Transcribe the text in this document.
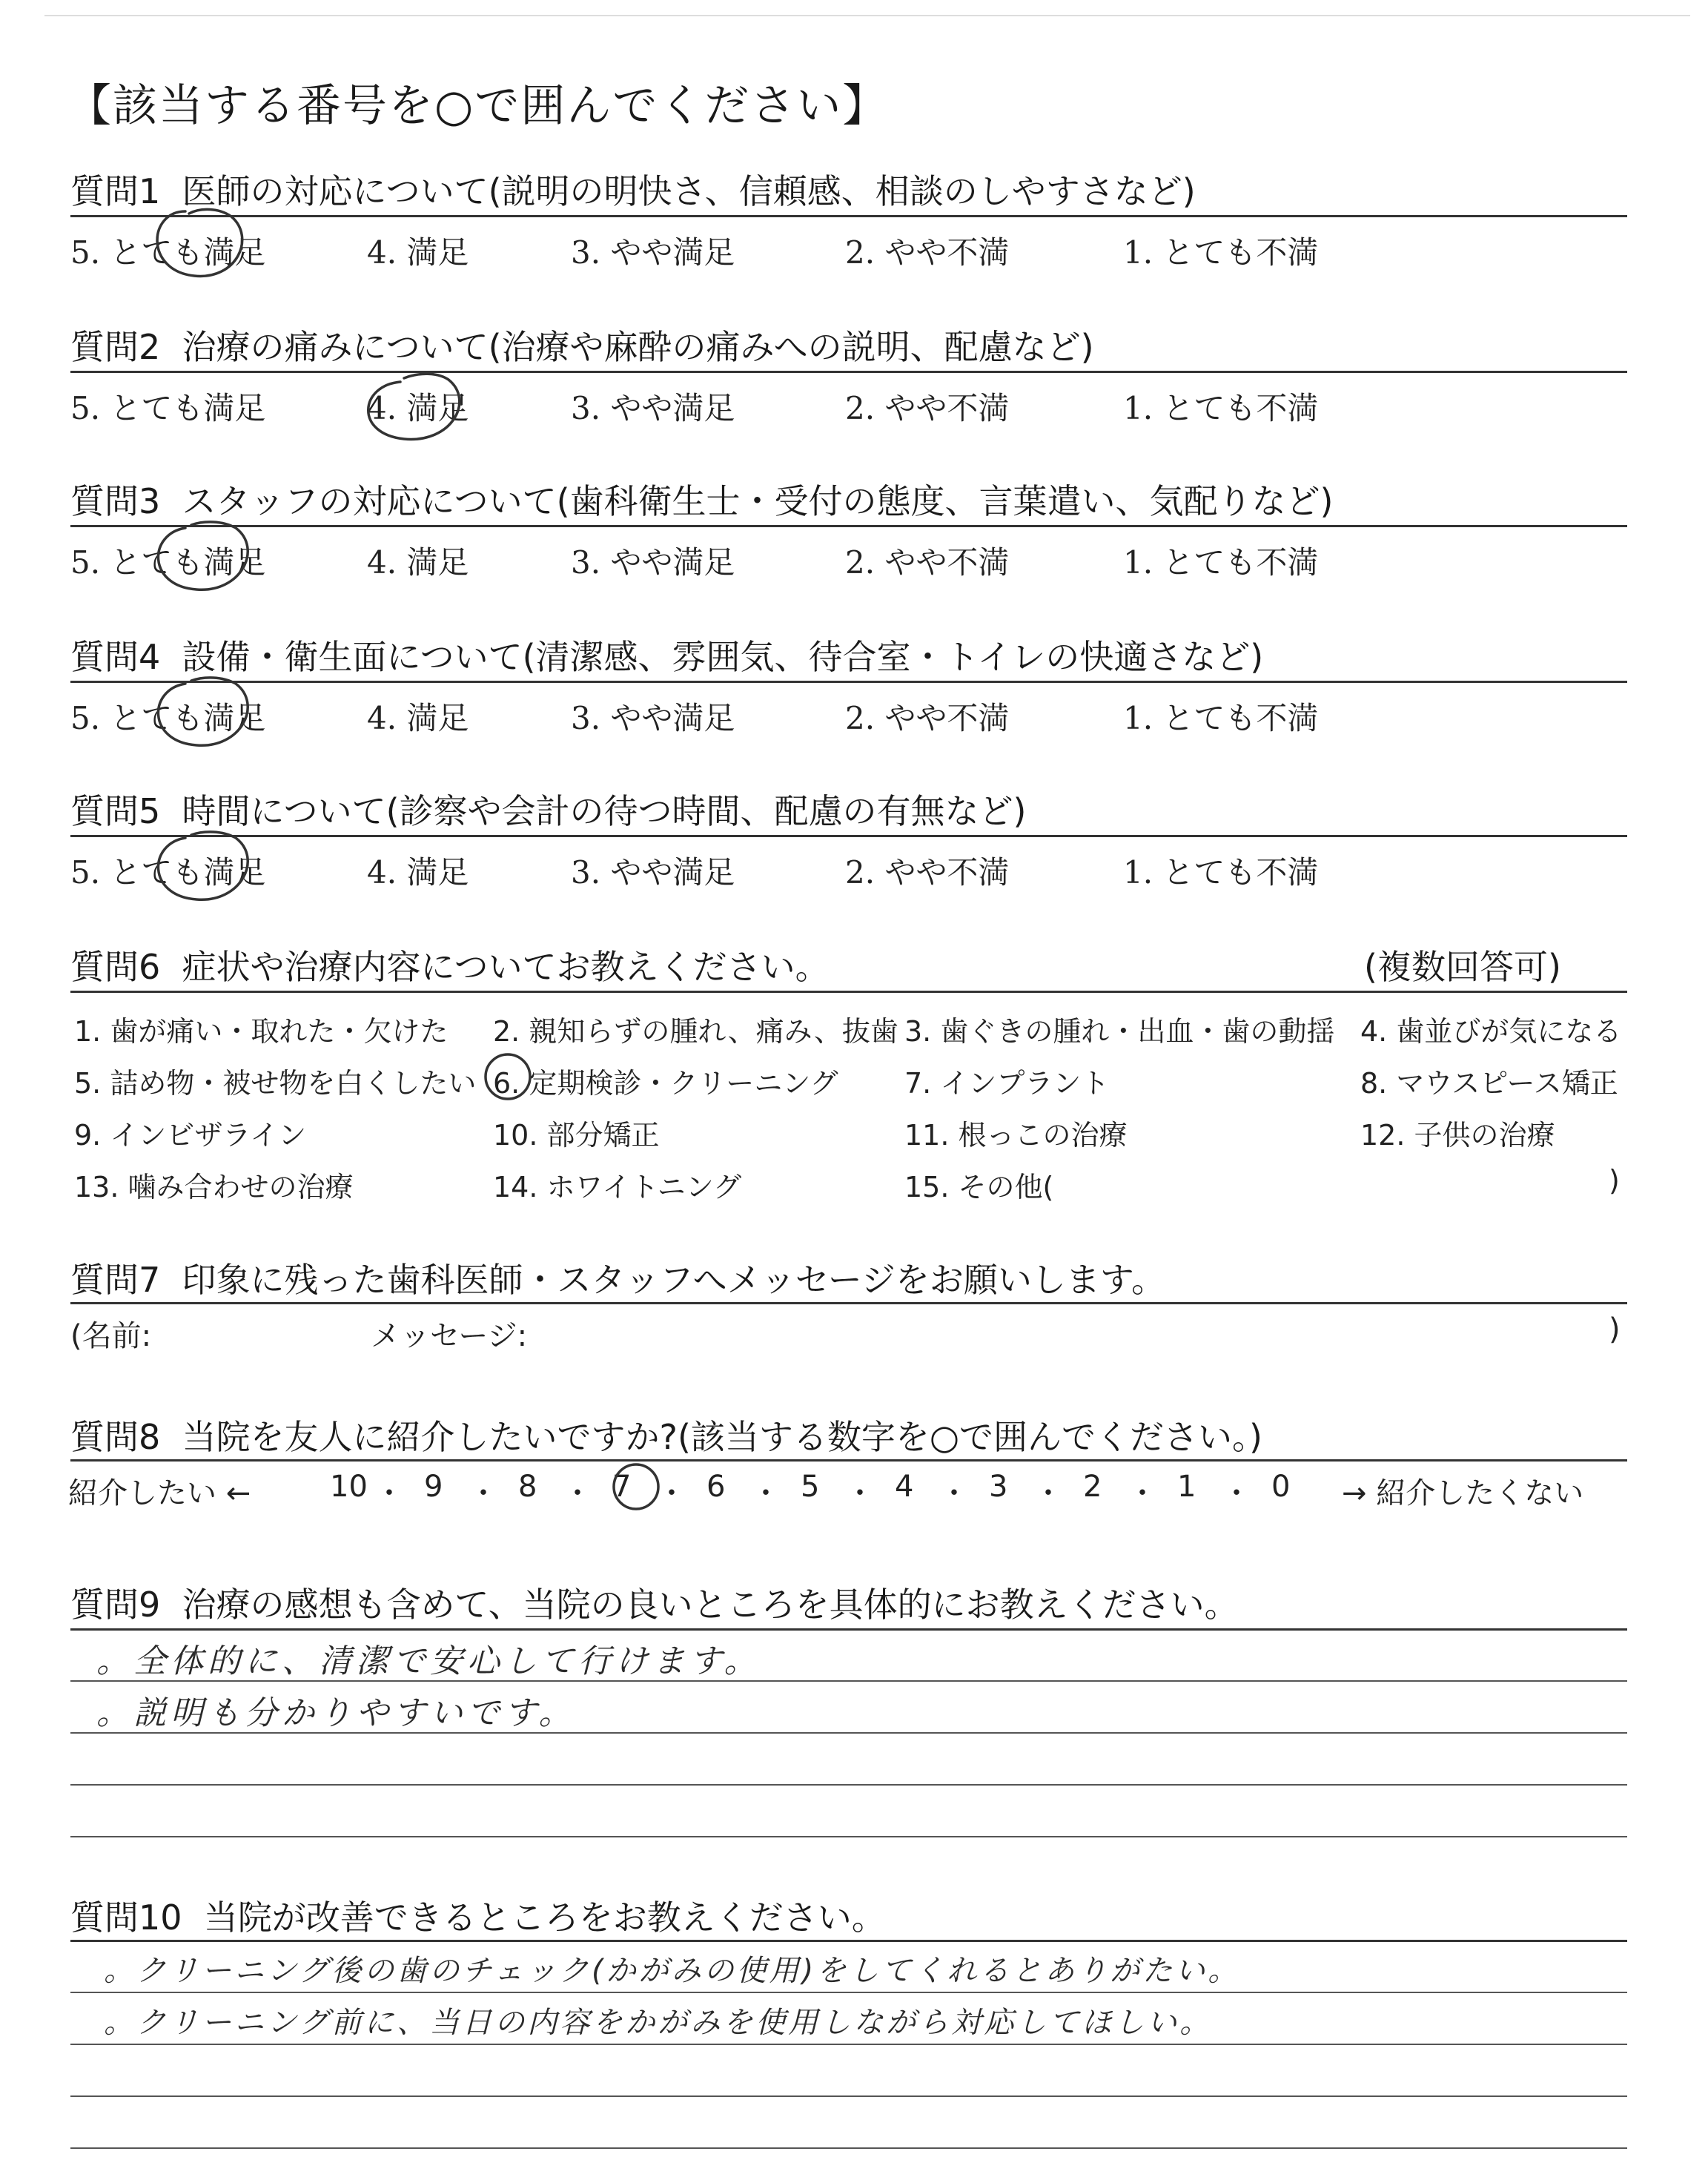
【該当する番号を○で囲んでください】
質問1 医師の対応について(説明の明快さ、信頼感、相談のしやすさなど)
5. とても満足	4. 満足	3. やや満足	2. やや不満	1. とても不満
質問2 治療の痛みについて(治療や麻酔の痛みへの説明、配慮など)
5. とても満足	4. 満足	3. やや満足	2. やや不満	1. とても不満
質問3 スタッフの対応について(歯科衛生士・受付の態度、言葉遣い、気配りなど)
5. とても満足	4. 満足	3. やや満足	2. やや不満	1. とても不満
質問4 設備・衛生面について(清潔感、雰囲気、待合室・トイレの快適さなど)
5. とても満足	4. 満足	3. やや満足	2. やや不満	1. とても不満
質問5 時間について(診察や会計の待つ時間、配慮の有無など)
5. とても満足	4. 満足	3. やや満足	2. やや不満	1. とても不満
質問6 症状や治療内容についてお教えください。	(複数回答可)
1. 歯が痛い・取れた・欠けた 2. 親知らずの腫れ、痛み、抜歯 3. 歯ぐきの腫れ・出血・歯の動揺 4. 歯並びが気になる
5. 詰め物・被せ物を白くしたい 6. 定期検診・クリーニング 7. インプラント	8. マウスピース矯正
9. インビザライン	10. 部分矯正	11. 根っこの治療	12. 子供の治療
13. 噛み合わせの治療	14. ホワイトニング	15. その他(	)
質問7 印象に残った歯科医師・スタッフへメッセージをお願いします。
(名前:	メッセージ:	)
質問8 当院を友人に紹介したいですか?(該当する数字を○で囲んでください。)
紹介したい ←	→ 紹介したくない
10 ・ 9 ・ 8 ・ 7 ・ 6 ・ 5 ・ 4 ・ 3 ・ 2 ・ 1 ・ 0
質問9 治療の感想も含めて、当院の良いところを具体的にお教えください。
。全体的に、清潔で安心して行けます。
。説明も分かりやすいです。
質問10 当院が改善できるところをお教えください。
。クリーニング後の歯のチェック(かがみの使用)をしてくれるとありがたい。
。クリーニング前に、当日の内容をかがみを使用しながら対応してほしい。
